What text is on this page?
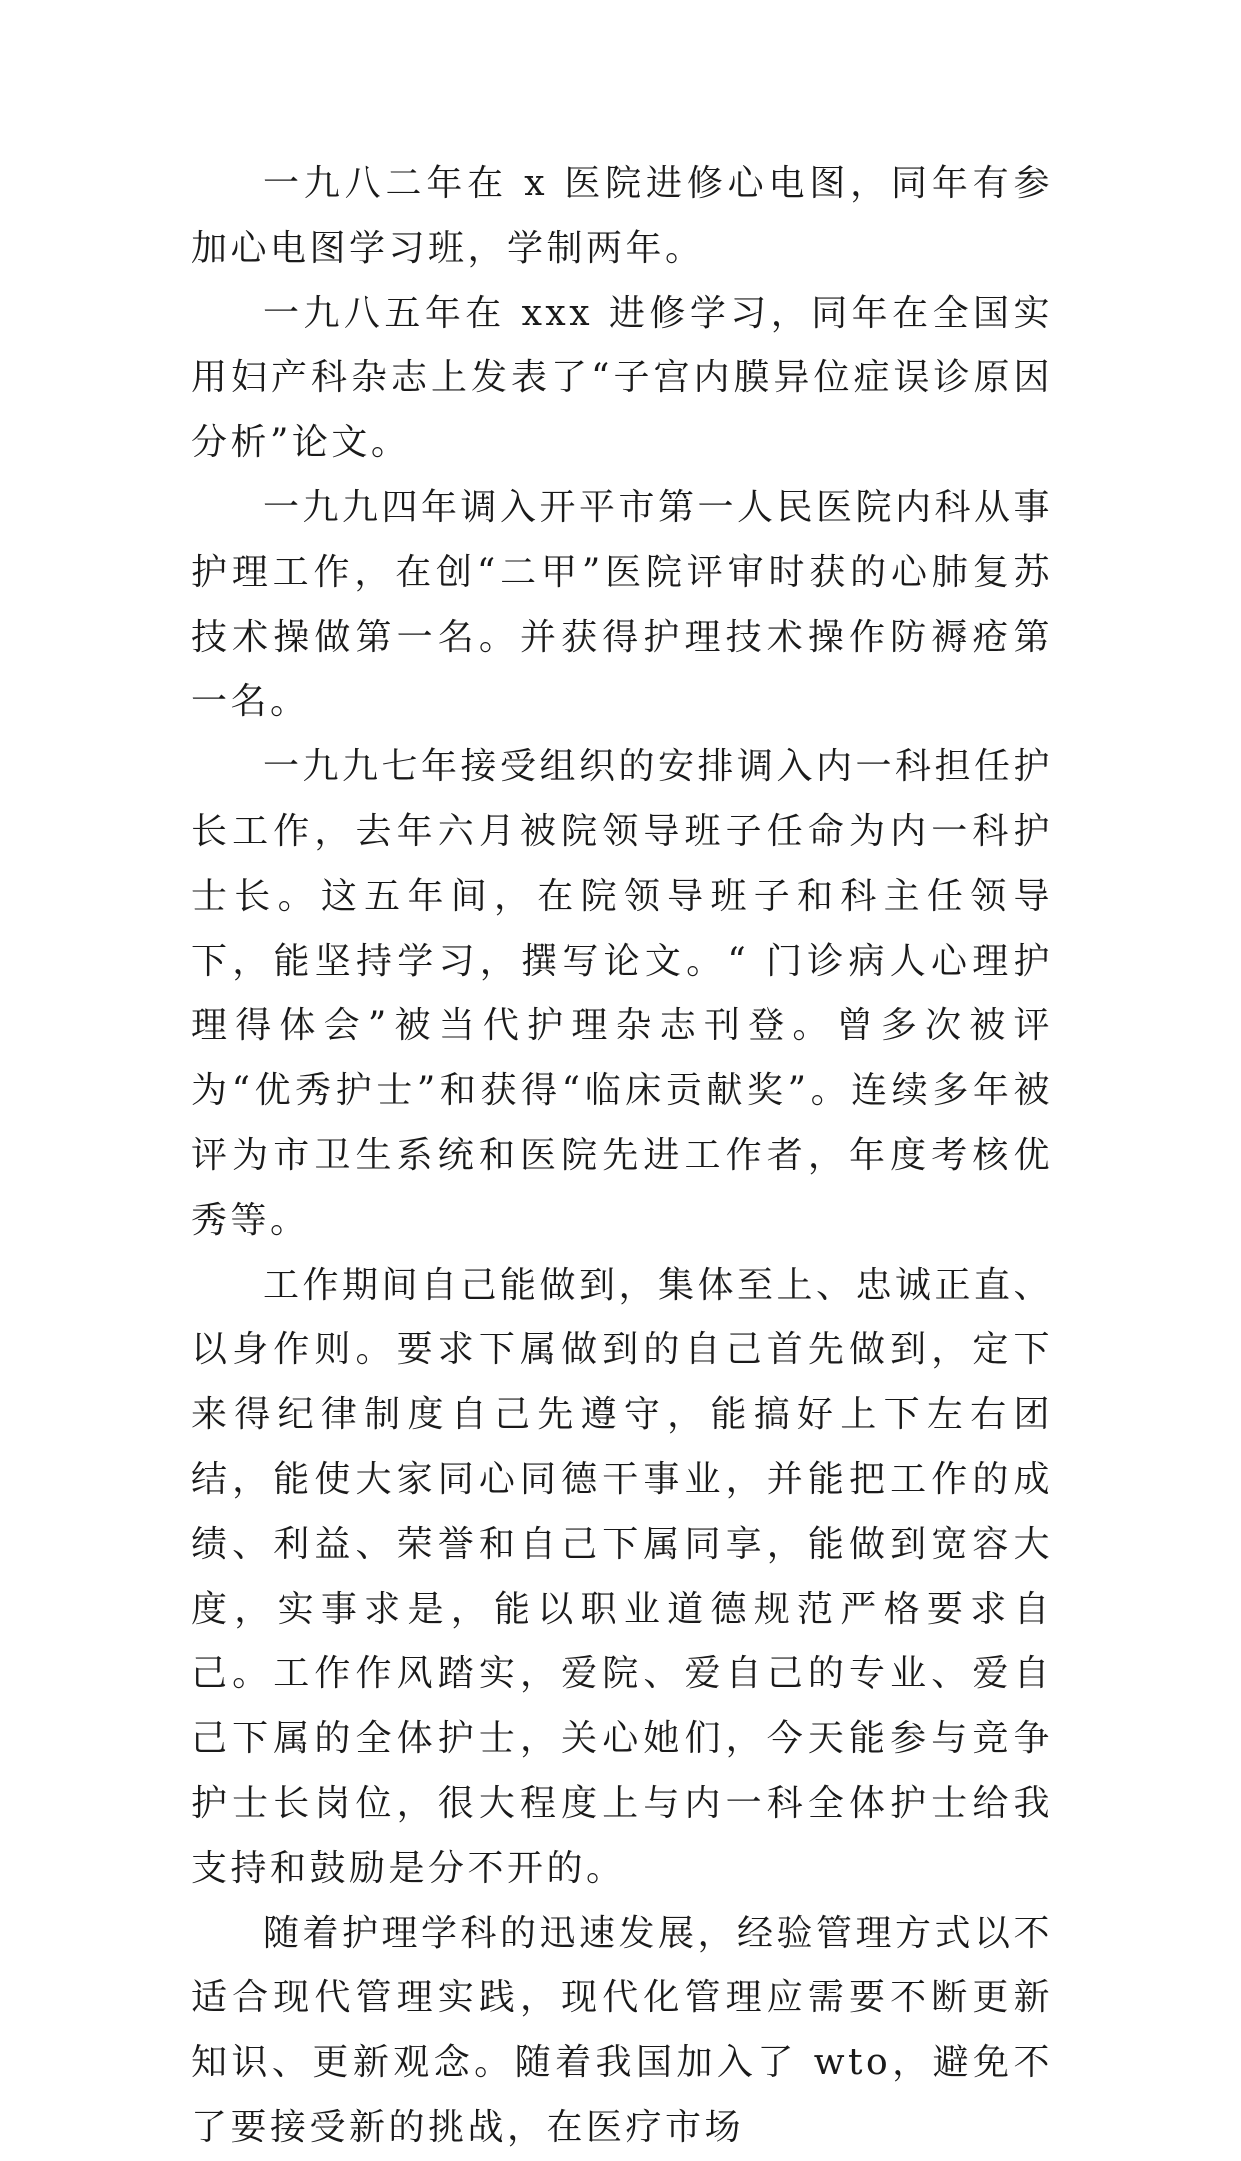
一九八二年在 x 医院进修心电图，同年有参加心电图学习班，学制两年。

一九八五年在 xxx 进修学习，同年在全国实用妇产科杂志上发表了“子宫内膜异位症误诊原因分析”论文。

一九九四年调入开平市第一人民医院内科从事护理工作，在创“二甲”医院评审时获的心肺复苏技术操做第一名。并获得护理技术操作防褥疮第一名。

一九九七年接受组织的安排调入内一科担任护长工作，去年六月被院领导班子任命为内一科护士长。这五年间，在院领导班子和科主任领导下，能坚持学习，撰写论文。“ 门诊病人心理护理得体会”被当代护理杂志刊登。曾多次被评为“优秀护士”和获得“临床贡献奖”。连续多年被评为市卫生系统和医院先进工作者，年度考核优秀等。

工作期间自己能做到，集体至上、忠诚正直、以身作则。要求下属做到的自己首先做到，定下来得纪律制度自己先遵守，能搞好上下左右团结，能使大家同心同德干事业，并能把工作的成绩、利益、荣誉和自己下属同享，能做到宽容大度，实事求是，能以职业道德规范严格要求自己。工作作风踏实，爱院、爱自己的专业、爱自己下属的全体护士，关心她们，今天能参与竞争护士长岗位，很大程度上与内一科全体护士给我支持和鼓励是分不开的。

随着护理学科的迅速发展，经验管理方式以不适合现代管理实践，现代化管理应需要不断更新知识、更新观念。随着我国加入了 wto，避免不了要接受新的挑战，在医疗市场
